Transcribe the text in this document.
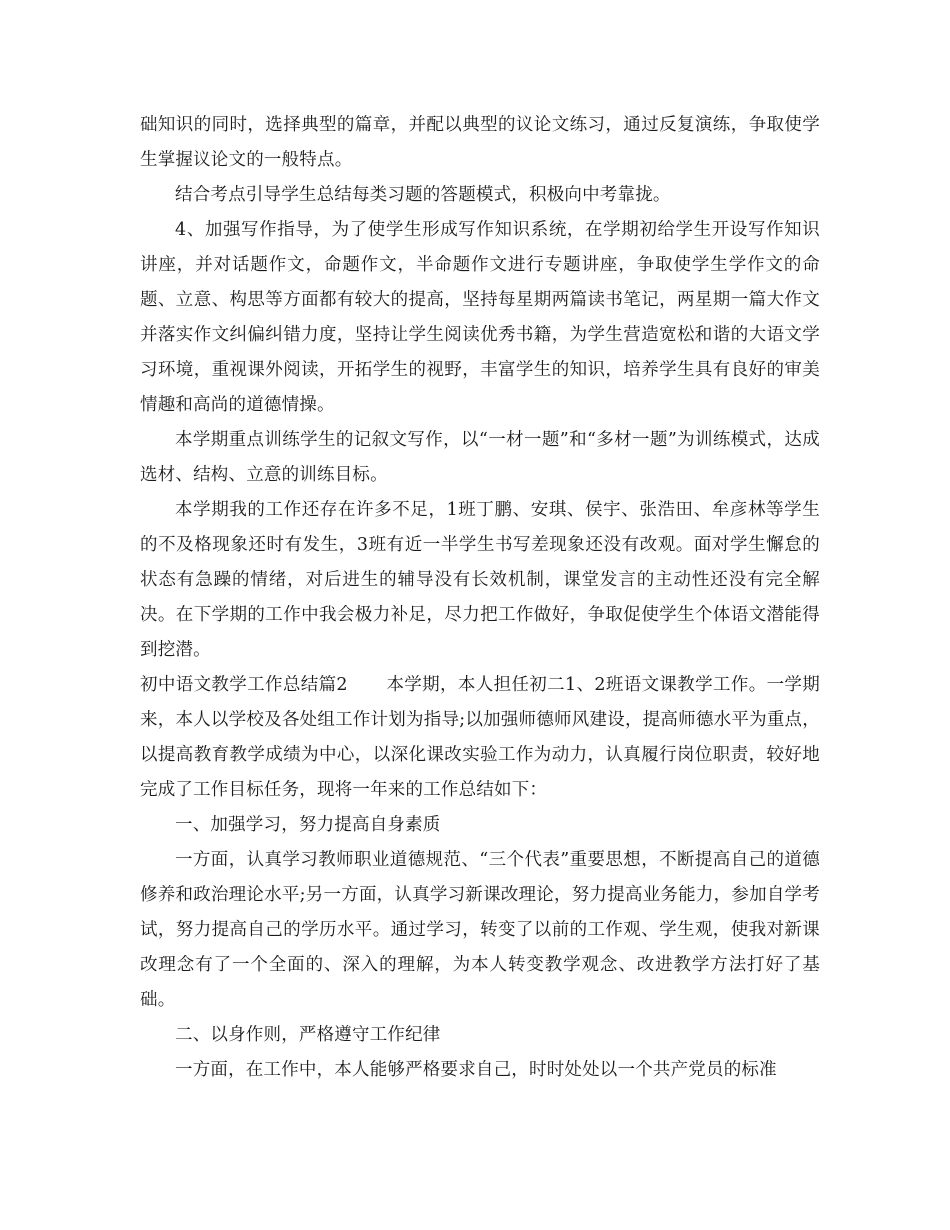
础知识的同时，选择典型的篇章，并配以典型的议论文练习，通过反复演练，争取使学生掌握议论文的一般特点。

结合考点引导学生总结每类习题的答题模式，积极向中考靠拢。

4、加强写作指导，为了使学生形成写作知识系统，在学期初给学生开设写作知识讲座，并对话题作文，命题作文，半命题作文进行专题讲座，争取使学生学作文的命题、立意、构思等方面都有较大的提高，坚持每星期两篇读书笔记，两星期一篇大作文并落实作文纠偏纠错力度，坚持让学生阅读优秀书籍，为学生营造宽松和谐的大语文学习环境，重视课外阅读，开拓学生的视野，丰富学生的知识，培养学生具有良好的审美情趣和高尚的道德情操。

本学期重点训练学生的记叙文写作，以“一材一题”和“多材一题”为训练模式，达成选材、结构、立意的训练目标。

本学期我的工作还存在许多不足，1班丁鹏、安琪、侯宇、张浩田、牟彦林等学生的不及格现象还时有发生，3班有近一半学生书写差现象还没有改观。面对学生懈怠的状态有急躁的情绪，对后进生的辅导没有长效机制，课堂发言的主动性还没有完全解决。在下学期的工作中我会极力补足，尽力把工作做好，争取促使学生个体语文潜能得到挖潜。

初中语文教学工作总结篇2 本学期，本人担任初二1、2班语文课教学工作。一学期来，本人以学校及各处组工作计划为指导;以加强师德师风建设，提高师德水平为重点，以提高教育教学成绩为中心，以深化课改实验工作为动力，认真履行岗位职责，较好地完成了工作目标任务，现将一年来的工作总结如下：

一、加强学习，努力提高自身素质

一方面，认真学习教师职业道德规范、“三个代表”重要思想，不断提高自己的道德修养和政治理论水平;另一方面，认真学习新课改理论，努力提高业务能力，参加自学考试，努力提高自己的学历水平。通过学习，转变了以前的工作观、学生观，使我对新课改理念有了一个全面的、深入的理解，为本人转变教学观念、改进教学方法打好了基础。

二、以身作则，严格遵守工作纪律

一方面，在工作中，本人能够严格要求自己，时时处处以一个共产党员的标准
